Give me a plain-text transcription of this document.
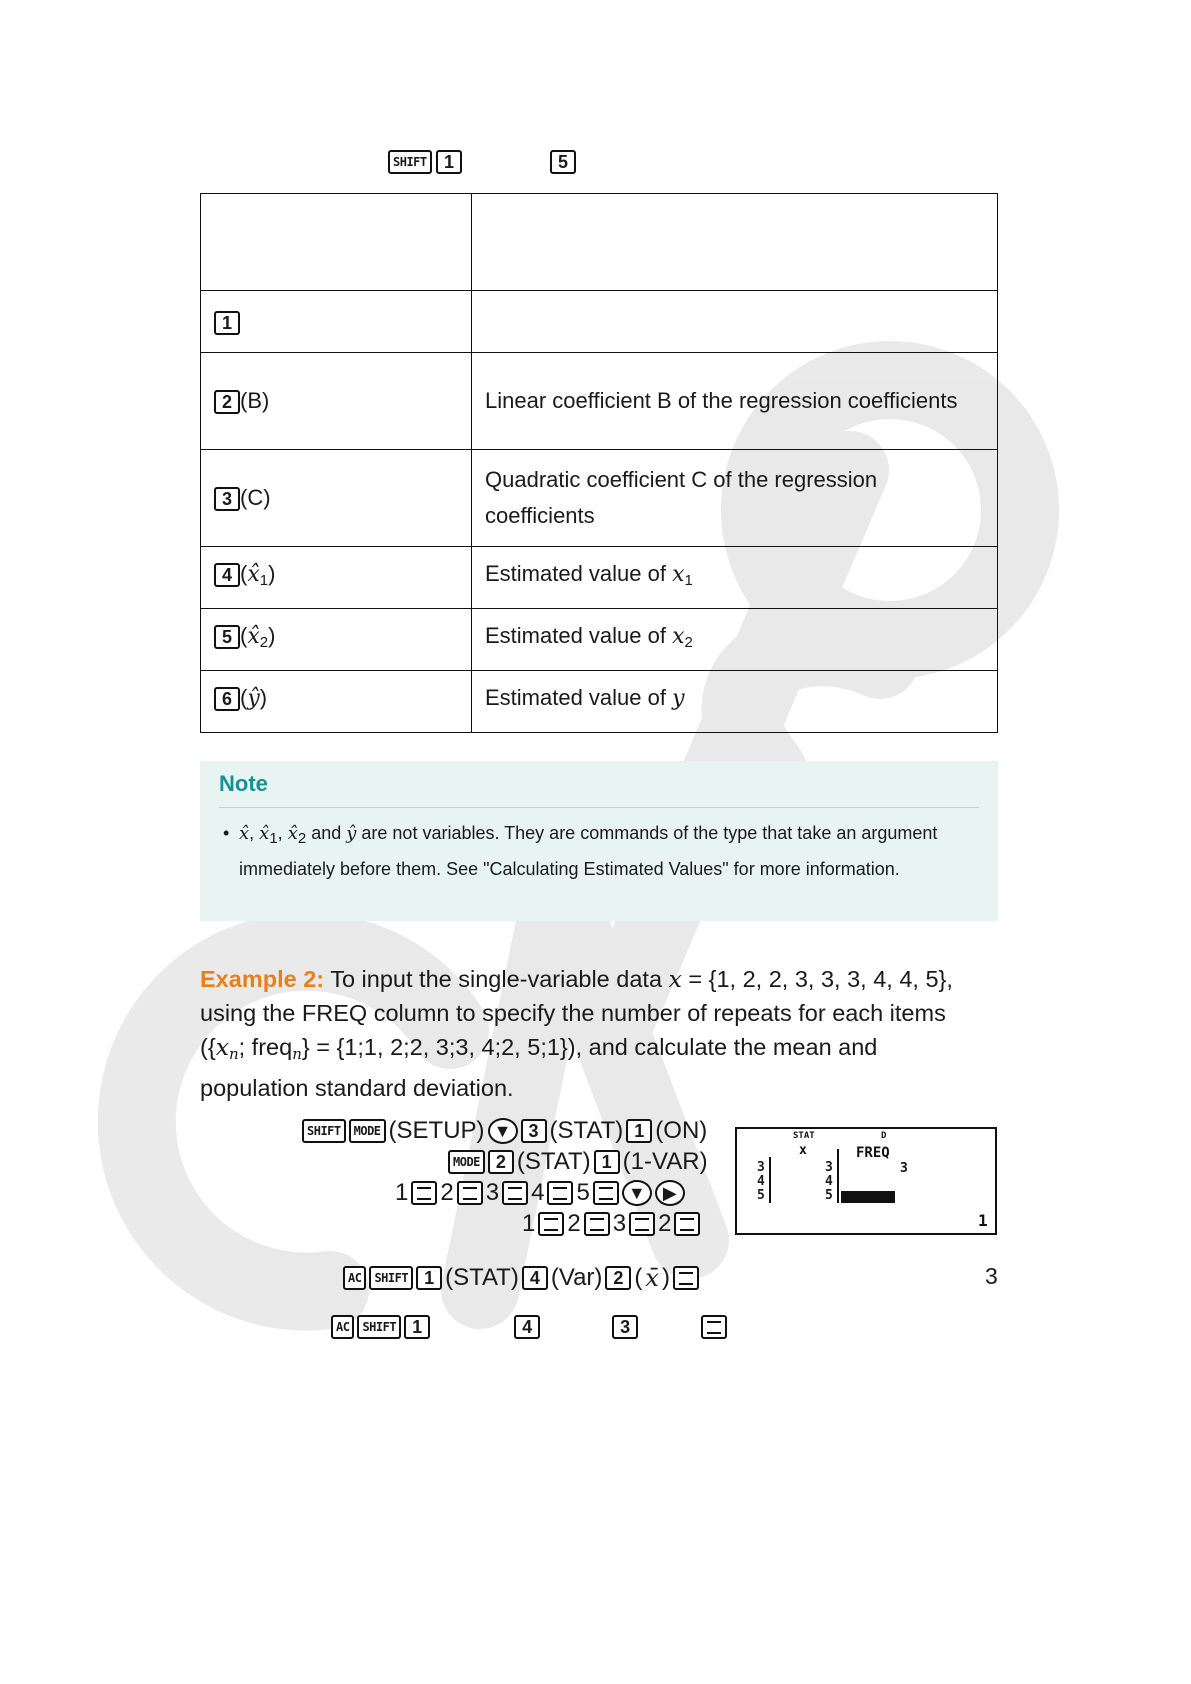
SHIFT 1	5

1	
2 (B)	Linear coefficient B of the regression coefficients
3 (C)	Quadratic coefficient C of the regression coefficients
4 $(x̂_1)$	Estimated value of $x_1$
5 $(x̂_2)$	Estimated value of $x_2$
6 (ŷ)	Estimated value of y
Note
• x̂, $x̂_1$, $x̂_2$ and ŷ are not variables. They are commands of the type that take an argument immediately before them. See "Calculating Estimated Values" for more information.
Example 2: To input the single-variable data x = {1, 2, 2, 3, 3, 3, 4, 4, 5}, using the FREQ column to specify the number of repeats for each items ({$x_n$; freq$_n$} = {1;1, 2;2, 3;3, 4;2, 5;1}), and calculate the mean and population standard deviation.
SHIFT	MODE (SETUP) ▼ 3 (STAT) 1 (ON)
MODE 2 (STAT) 1 (1-VAR)
1 2 3 4 5	▼ ▶
1 2 3 2
STAT
x
D
FREQ
3
4
5
3
4
5
3
1
AC	SHIFT 1 (STAT) 4 (Var) 2 ( x̄ )	3
AC	SHIFT 1	4	3
